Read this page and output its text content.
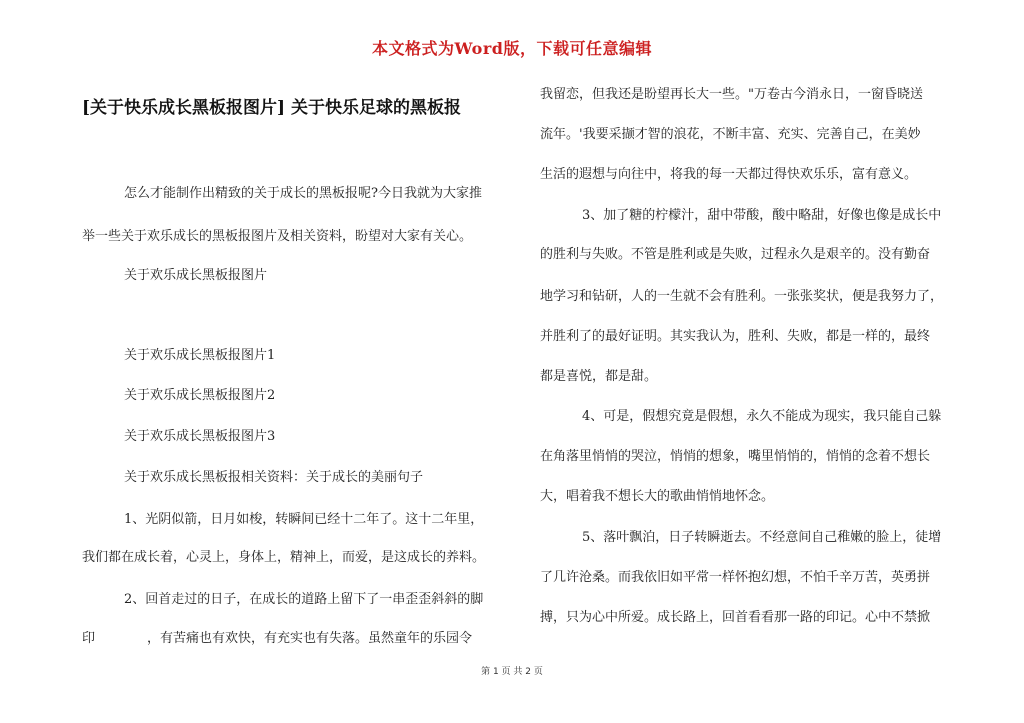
本文格式为Word版，下载可任意编辑
[关于快乐成长黑板报图片] 关于快乐足球的黑板报

怎么才能制作出精致的关于成长的黑板报呢?今日我就为大家推

举一些关于欢乐成长的黑板报图片及相关资料，盼望对大家有关心。

关于欢乐成长黑板报图片

关于欢乐成长黑板报图片1

关于欢乐成长黑板报图片2

关于欢乐成长黑板报图片3

关于欢乐成长黑板报相关资料：关于成长的美丽句子

1、光阴似箭，日月如梭，转瞬间已经十二年了。这十二年里，

我们都在成长着，心灵上，身体上，精神上，而爱，是这成长的养料。

2、回首走过的日子，在成长的道路上留下了一串歪歪斜斜的脚

印　　　　，有苦痛也有欢快，有充实也有失落。虽然童年的乐园令

我留恋，但我还是盼望再长大一些。"万卷古今消永日，一窗昏晓送

流年。'我要采撷才智的浪花，不断丰富、充实、完善自己，在美妙

生活的遐想与向往中，将我的每一天都过得快欢乐乐，富有意义。

3、加了糖的柠檬汁，甜中带酸，酸中略甜，好像也像是成长中

的胜利与失败。不管是胜利或是失败，过程永久是艰辛的。没有勤奋

地学习和钻研，人的一生就不会有胜利。一张张奖状，便是我努力了，

并胜利了的最好证明。其实我认为，胜利、失败，都是一样的，最终

都是喜悦，都是甜。

4、可是，假想究竟是假想，永久不能成为现实，我只能自己躲

在角落里悄悄的哭泣，悄悄的想象，嘴里悄悄的，悄悄的念着不想长

大，唱着我不想长大的歌曲悄悄地怀念。

5、落叶飘泊，日子转瞬逝去。不经意间自己稚嫩的脸上，徒增

了几许沧桑。而我依旧如平常一样怀抱幻想，不怕千辛万苦，英勇拼

搏，只为心中所爱。成长路上，回首看看那一路的印记。心中不禁掀

第 1 页 共 2 页
